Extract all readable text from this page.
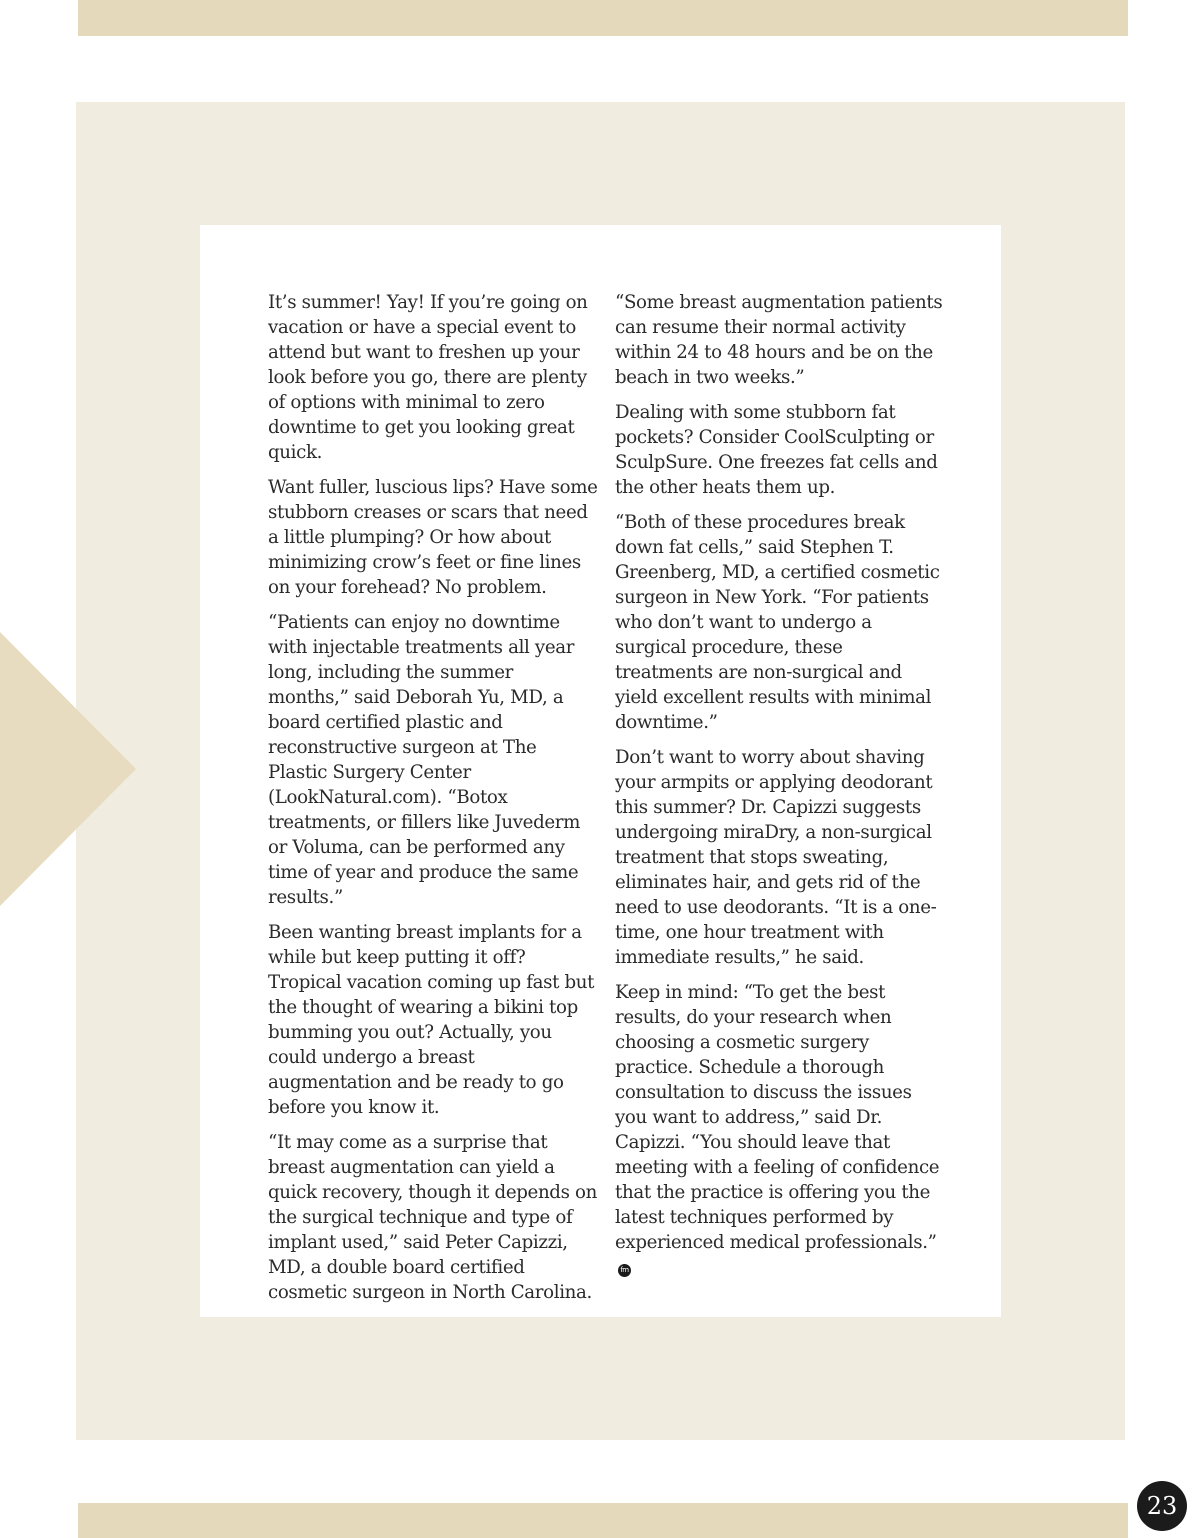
It’s summer! Yay! If you’re going on vacation or have a special event to attend but want to freshen up your look before you go, there are plenty of options with minimal to zero downtime to get you looking great quick.

Want fuller, luscious lips? Have some stubborn creases or scars that need a little plumping? Or how about minimizing crow’s feet or fine lines on your forehead? No problem.

“Patients can enjoy no downtime with injectable treatments all year long, including the summer months,” said Deborah Yu, MD, a board certified plastic and reconstructive surgeon at The Plastic Surgery Center (LookNatural.com). “Botox treatments, or fillers like Juvederm or Voluma, can be performed any time of year and produce the same results.”

Been wanting breast implants for a while but keep putting it off? Tropical vacation coming up fast but the thought of wearing a bikini top bumming you out? Actually, you could undergo a breast augmentation and be ready to go before you know it.

“It may come as a surprise that breast augmentation can yield a quick recovery, though it depends on the surgical technique and type of implant used,” said Peter Capizzi, MD, a double board certified cosmetic surgeon in North Carolina.

“Some breast augmentation patients can resume their normal activity within 24 to 48 hours and be on the beach in two weeks.”

Dealing with some stubborn fat pockets? Consider CoolSculpting or SculpSure. One freezes fat cells and the other heats them up.

“Both of these procedures break down fat cells,” said Stephen T. Greenberg, MD, a certified cosmetic surgeon in New York. “For patients who don’t want to undergo a surgical procedure, these treatments are non-surgical and yield excellent results with minimal downtime.”

Don’t want to worry about shaving your armpits or applying deodorant this summer? Dr. Capizzi suggests undergoing miraDry, a non-surgical treatment that stops sweating, eliminates hair, and gets rid of the need to use deodorants. “It is a one-time, one hour treatment with immediate results,” he said.

Keep in mind: “To get the best results, do your research when choosing a cosmetic surgery practice. Schedule a thorough consultation to discuss the issues you want to address,” said Dr. Capizzi. “You should leave that meeting with a feeling of confidence that the practice is offering you the latest techniques performed by experienced medical professionals.”fm

23
